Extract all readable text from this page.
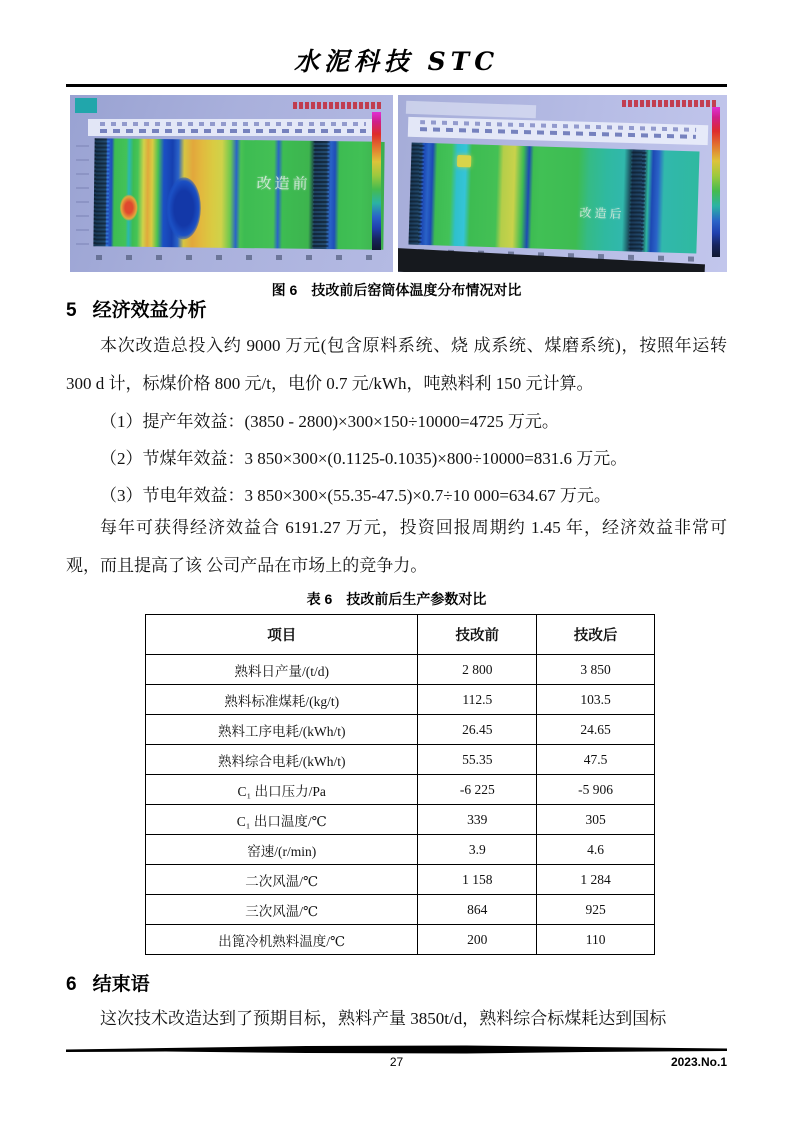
水泥科技 STC
改造前
改造后
图 6　技改前后窑筒体温度分布情况对比
5 经济效益分析

本次改造总投入约 9000 万元(包含原料系统、烧 成系统、煤磨系统)，按照年运转 300 d 计，标煤价格 800 元/t，电价 0.7 元/kWh，吨熟料利 150 元计算。

（1）提产年效益：(3850 - 2800)×300×150÷10000=4725 万元。

（2）节煤年效益：3 850×300×(0.1125-0.1035)×800÷10000=831.6 万元。

（3）节电年效益：3 850×300×(55.35-47.5)×0.7÷10 000=634.67 万元。

每年可获得经济效益合 6191.27 万元，投资回报周期约 1.45 年，经济效益非常可观，而且提高了该 公司产品在市场上的竞争力。

表 6　技改前后生产参数对比
项目	技改前	技改后
熟料日产量/(t/d)	2 800	3 850
熟料标准煤耗/(kg/t)	112.5	103.5
熟料工序电耗/(kWh/t)	26.45	24.65
熟料综合电耗/(kWh/t)	55.35	47.5
C₁ 出口压力/Pa	-6 225	-5 906
C₁ 出口温度/℃	339	305
窑速/(r/min)	3.9	4.6
二次风温/℃	1 158	1 284
三次风温/℃	864	925
出篦冷机熟料温度/℃	200	110
6 结束语

这次技术改造达到了预期目标，熟料产量 3850t/d，熟料综合标煤耗达到国标

27	2023.No.1
